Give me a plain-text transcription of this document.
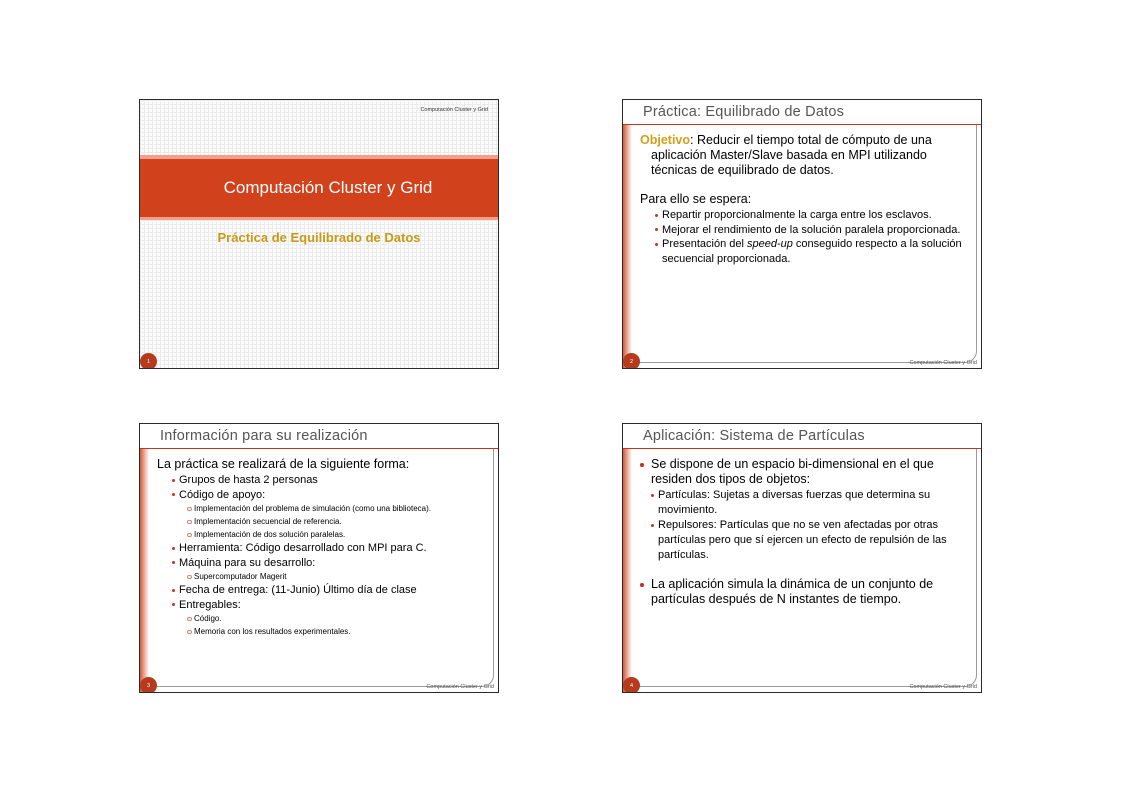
Computación Cluster y Grid
Computación Cluster y Grid
Práctica de Equilibrado de Datos
1
Práctica: Equilibrado de Datos
Objetivo: Reducir el tiempo total de cómputo de una aplicación Master/Slave basada en MPI utilizando técnicas de equilibrado de datos.
Para ello se espera:
Repartir proporcionalmente la carga entre los esclavos.
Mejorar el rendimiento de la solución paralela proporcionada.
Presentación del speed-up conseguido respecto a la solución secuencial proporcionada.
Computación Cluster y Grid
2
Información para su realización
La práctica se realizará de la siguiente forma:
Grupos de hasta 2 personas
Código de apoyo:
Implementación del problema de simulación (como una biblioteca).
Implementación secuencial de referencia.
Implementación de dos solución paralelas.
Herramienta: Código desarrollado con MPI para C.
Máquina para su desarrollo:
Supercomputador Magerit
Fecha de entrega: (11-Junio) Último día de clase
Entregables:
Código.
Memoria con los resultados experimentales.
Computación Cluster y Grid
3
Aplicación: Sistema de Partículas
Se dispone de un espacio bi-dimensional en el que residen dos tipos de objetos:
Partículas: Sujetas a diversas fuerzas que determina su movimiento.
Repulsores: Partículas que no se ven afectadas por otras partículas pero que sí ejercen un efecto de repulsión de las partículas.
La aplicación simula la dinámica de un conjunto de partículas después de N instantes de tiempo.
Computación Cluster y Grid
4
